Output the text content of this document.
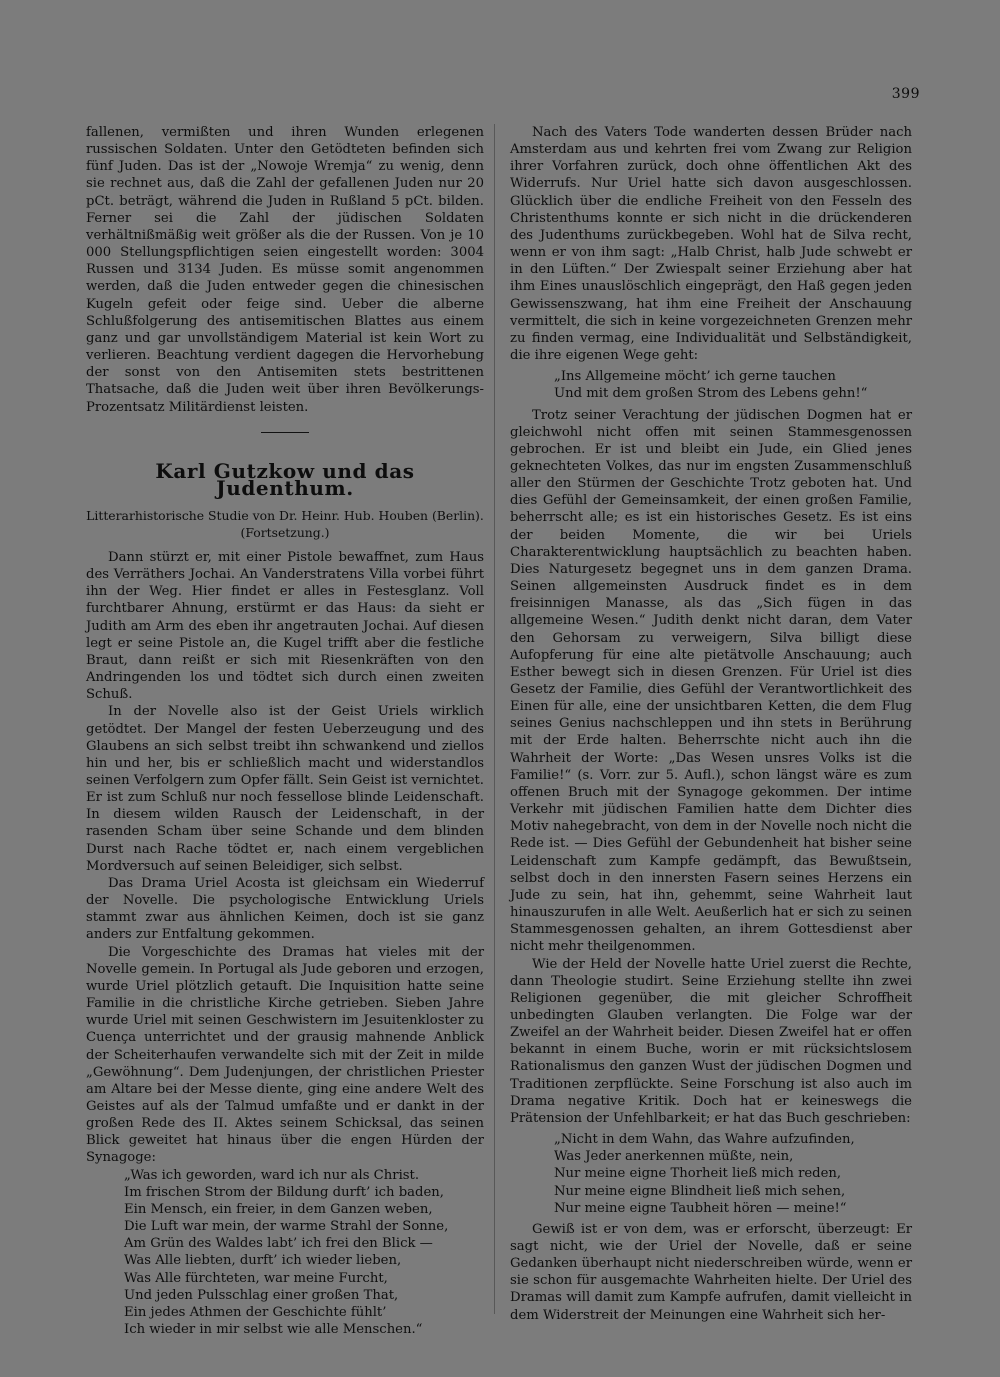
399

fallenen, vermißten und ihren Wunden erlegenen russischen Soldaten. Unter den Getödteten befinden sich fünf Juden. Das ist der „Nowoje Wremja“ zu wenig, denn sie rechnet aus, daß die Zahl der gefallenen Juden nur 20 pCt. beträgt, während die Juden in Rußland 5 pCt. bilden. Ferner sei die Zahl der jüdischen Soldaten verhältnißmäßig weit größer als die der Russen. Von je 10 000 Stellungspflichtigen seien eingestellt worden: 3004 Russen und 3134 Juden. Es müsse somit angenommen werden, daß die Juden entweder gegen die chinesischen Kugeln gefeit oder feige sind. Ueber die alberne Schlußfolgerung des antisemitischen Blattes aus einem ganz und gar unvollständigem Material ist kein Wort zu verlieren. Beachtung verdient dagegen die Hervorhebung der sonst von den Antisemiten stets bestrittenen Thatsache, daß die Juden weit über ihren Bevölkerungs-Prozentsatz Militärdienst leisten.

Karl Gutzkow und das Judenthum.
Litterarhistorische Studie von Dr. Heinr. Hub. Houben (Berlin).
(Fortsetzung.)

Dann stürzt er, mit einer Pistole bewaffnet, zum Haus des Verräthers Jochai. An Vanderstratens Villa vorbei führt ihn der Weg. Hier findet er alles in Festesglanz. Voll furchtbarer Ahnung, erstürmt er das Haus: da sieht er Judith am Arm des eben ihr angetrauten Jochai. Auf diesen legt er seine Pistole an, die Kugel trifft aber die festliche Braut, dann reißt er sich mit Riesenkräften von den Andringenden los und tödtet sich durch einen zweiten Schuß.

In der Novelle also ist der Geist Uriels wirklich getödtet. Der Mangel der festen Ueberzeugung und des Glaubens an sich selbst treibt ihn schwankend und ziellos hin und her, bis er schließlich macht und widerstandlos seinen Verfolgern zum Opfer fällt. Sein Geist ist vernichtet. Er ist zum Schluß nur noch fessellose blinde Leidenschaft. In diesem wilden Rausch der Leidenschaft, in der rasenden Scham über seine Schande und dem blinden Durst nach Rache tödtet er, nach einem vergeblichen Mordversuch auf seinen Beleidiger, sich selbst.

Das Drama Uriel Acosta ist gleichsam ein Wiederruf der Novelle. Die psychologische Entwicklung Uriels stammt zwar aus ähnlichen Keimen, doch ist sie ganz anders zur Entfaltung gekommen.

Die Vorgeschichte des Dramas hat vieles mit der Novelle gemein. In Portugal als Jude geboren und erzogen, wurde Uriel plötzlich getauft. Die Inquisition hatte seine Familie in die christliche Kirche getrieben. Sieben Jahre wurde Uriel mit seinen Geschwistern im Jesuitenkloster zu Cuença unterrichtet und der grausig mahnende Anblick der Scheiterhaufen verwandelte sich mit der Zeit in milde „Gewöhnung“. Dem Judenjungen, der christlichen Priester am Altare bei der Messe diente, ging eine andere Welt des Geistes auf als der Talmud umfaßte und er dankt in der großen Rede des II. Aktes seinem Schicksal, das seinen Blick geweitet hat hinaus über die engen Hürden der Synagoge:

„Was ich geworden, ward ich nur als Christ.
Im frischen Strom der Bildung durft’ ich baden,
Ein Mensch, ein freier, in dem Ganzen weben,
Die Luft war mein, der warme Strahl der Sonne,
Am Grün des Waldes labt’ ich frei den Blick —
Was Alle liebten, durft’ ich wieder lieben,
Was Alle fürchteten, war meine Furcht,
Und jeden Pulsschlag einer großen That,
Ein jedes Athmen der Geschichte fühlt’
Ich wieder in mir selbst wie alle Menschen.“

Nach des Vaters Tode wanderten dessen Brüder nach Amsterdam aus und kehrten frei vom Zwang zur Religion ihrer Vorfahren zurück, doch ohne öffentlichen Akt des Widerrufs. Nur Uriel hatte sich davon ausgeschlossen. Glücklich über die endliche Freiheit von den Fesseln des Christenthums konnte er sich nicht in die drückenderen des Judenthums zurückbegeben. Wohl hat de Silva recht, wenn er von ihm sagt: „Halb Christ, halb Jude schwebt er in den Lüften.“ Der Zwiespalt seiner Erziehung aber hat ihm Eines unauslöschlich eingeprägt, den Haß gegen jeden Gewissenszwang, hat ihm eine Freiheit der Anschauung vermittelt, die sich in keine vorgezeichneten Grenzen mehr zu finden vermag, eine Individualität und Selbständigkeit, die ihre eigenen Wege geht:

„Ins Allgemeine möcht’ ich gerne tauchen
Und mit dem großen Strom des Lebens gehn!“

Trotz seiner Verachtung der jüdischen Dogmen hat er gleichwohl nicht offen mit seinen Stammesgenossen gebrochen. Er ist und bleibt ein Jude, ein Glied jenes geknechteten Volkes, das nur im engsten Zusammenschluß aller den Stürmen der Geschichte Trotz geboten hat. Und dies Gefühl der Gemeinsamkeit, der einen großen Familie, beherrscht alle; es ist ein historisches Gesetz. Es ist eins der beiden Momente, die wir bei Uriels Charakterentwicklung hauptsächlich zu beachten haben. Dies Naturgesetz begegnet uns in dem ganzen Drama. Seinen allgemeinsten Ausdruck findet es in dem freisinnigen Manasse, als das „Sich fügen in das allgemeine Wesen.“ Judith denkt nicht daran, dem Vater den Gehorsam zu verweigern, Silva billigt diese Aufopferung für eine alte pietätvolle Anschauung; auch Esther bewegt sich in diesen Grenzen. Für Uriel ist dies Gesetz der Familie, dies Gefühl der Verantwortlichkeit des Einen für alle, eine der unsichtbaren Ketten, die dem Flug seines Genius nachschleppen und ihn stets in Berührung mit der Erde halten. Beherrschte nicht auch ihn die Wahrheit der Worte: „Das Wesen unsres Volks ist die Familie!“ (s. Vorr. zur 5. Aufl.), schon längst wäre es zum offenen Bruch mit der Synagoge gekommen. Der intime Verkehr mit jüdischen Familien hatte dem Dichter dies Motiv nahegebracht, von dem in der Novelle noch nicht die Rede ist. — Dies Gefühl der Gebundenheit hat bisher seine Leidenschaft zum Kampfe gedämpft, das Bewußtsein, selbst doch in den innersten Fasern seines Herzens ein Jude zu sein, hat ihn, gehemmt, seine Wahrheit laut hinauszurufen in alle Welt. Aeußerlich hat er sich zu seinen Stammesgenossen gehalten, an ihrem Gottesdienst aber nicht mehr theilgenommen.

Wie der Held der Novelle hatte Uriel zuerst die Rechte, dann Theologie studirt. Seine Erziehung stellte ihn zwei Religionen gegenüber, die mit gleicher Schroffheit unbedingten Glauben verlangten. Die Folge war der Zweifel an der Wahrheit beider. Diesen Zweifel hat er offen bekannt in einem Buche, worin er mit rücksichtslosem Rationalismus den ganzen Wust der jüdischen Dogmen und Traditionen zerpflückte. Seine Forschung ist also auch im Drama negative Kritik. Doch hat er keineswegs die Prätension der Unfehlbarkeit; er hat das Buch geschrieben:

„Nicht in dem Wahn, das Wahre aufzufinden,
Was Jeder anerkennen müßte, nein,
Nur meine eigne Thorheit ließ mich reden,
Nur meine eigne Blindheit ließ mich sehen,
Nur meine eigne Taubheit hören — meine!“

Gewiß ist er von dem, was er erforscht, überzeugt: Er sagt nicht, wie der Uriel der Novelle, daß er seine Gedanken überhaupt nicht niederschreiben würde, wenn er sie schon für ausgemachte Wahrheiten hielte. Der Uriel des Dramas will damit zum Kampfe aufrufen, damit vielleicht in dem Widerstreit der Meinungen eine Wahrheit sich her-
